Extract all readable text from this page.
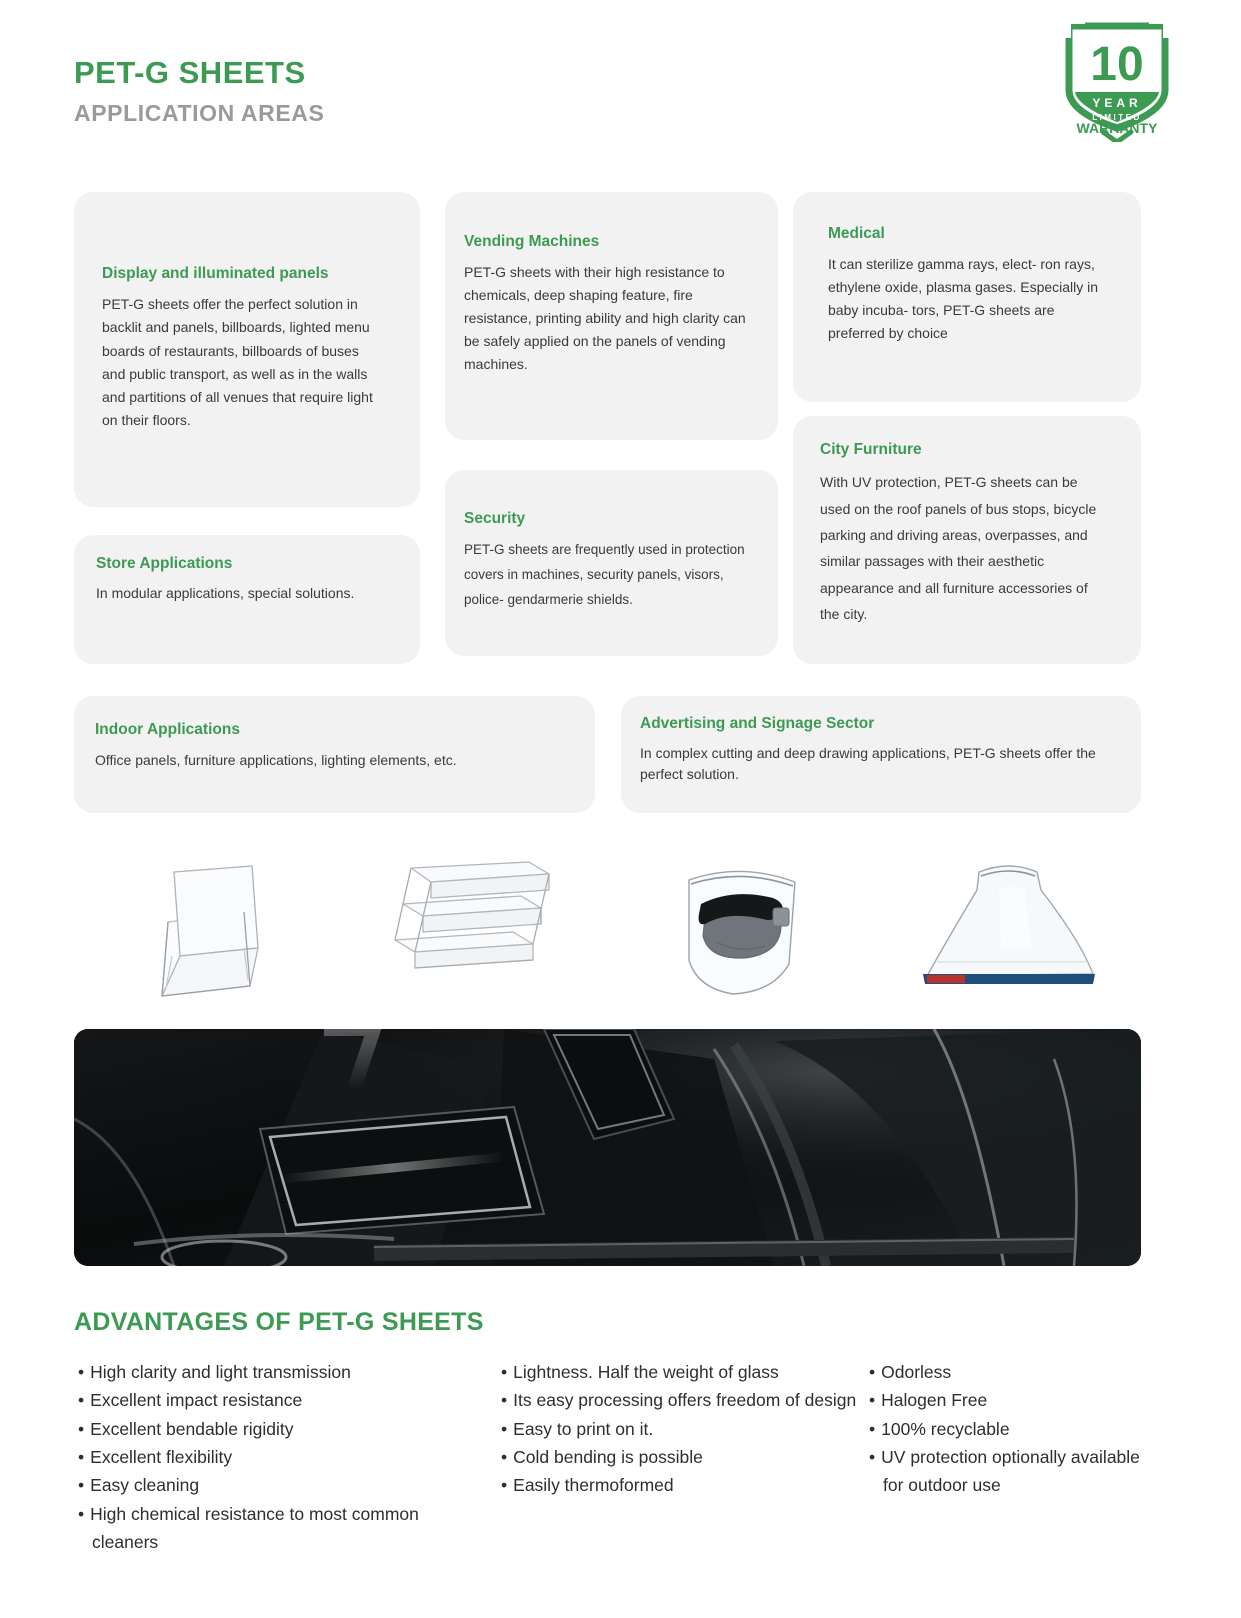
PET-G SHEETS
APPLICATION AREAS
10
YEAR
LIMITED
WARRANTY

Display and illuminated panels

PET-G sheets offer the perfect solution in backlit and panels, billboards, lighted menu boards of restaurants, billboards of buses and public transport, as well as in the walls and partitions of all venues that require light on their floors.

Vending Machines

PET-G sheets with their high resistance to chemicals, deep shaping feature, fire resistance, printing ability and high clarity can be safely applied on the panels of vending machines.

Medical

It can sterilize gamma rays, elect- ron rays, ethylene oxide, plasma gases. Especially in baby incuba- tors, PET-G sheets are preferred by choice

City Furniture

With UV protection, PET-G sheets can be used on the roof panels of bus stops, bicycle parking and driving areas, overpasses, and similar passages with their aesthetic appearance and all furniture accessories of the city.

Security

PET-G sheets are frequently used in protection covers in machines, security panels, visors, police- gendarmerie shields.

Store Applications

In modular applications, special solutions.

Indoor Applications

Office panels, furniture applications, lighting elements, etc.

Advertising and Signage Sector

In complex cutting and deep drawing applications, PET-G sheets offer the perfect solution.

ADVANTAGES OF PET-G SHEETS
• High clarity and light transmission
• Excellent impact resistance
• Excellent bendable rigidity
• Excellent flexibility
• Easy cleaning
• High chemical resistance to most common cleaners
• Lightness. Half the weight of glass
• Its easy processing offers freedom of design
• Easy to print on it.
• Cold bending is possible
• Easily thermoformed
• Odorless
• Halogen Free
• 100% recyclable
• UV protection optionally available for outdoor use
